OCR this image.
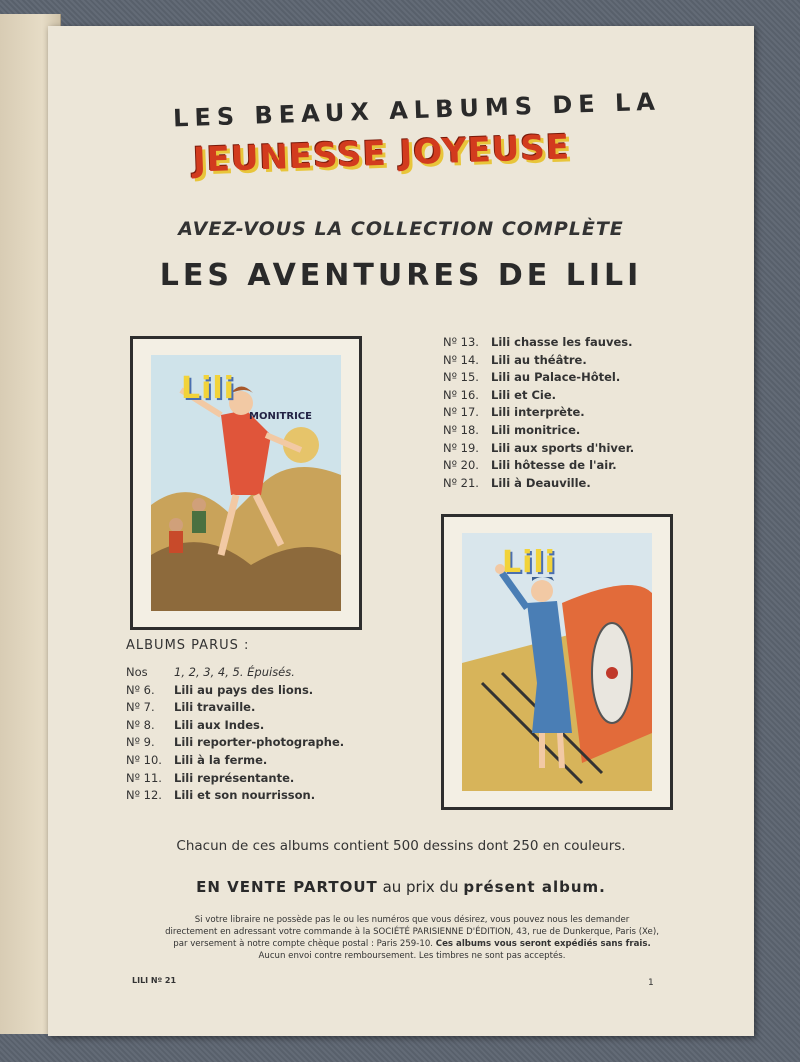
LES BEAUX ALBUMS DE LA
JEUNESSE JOYEUSE
AVEZ-VOUS LA COLLECTION COMPLÈTE
LES AVENTURES DE LILI
Lili
MONITRICE
Lili
Nº 13. Lili chasse les fauves.
Nº 14. Lili au théâtre.
Nº 15. Lili au Palace-Hôtel.
Nº 16. Lili et Cie.
Nº 17. Lili interprète.
Nº 18. Lili monitrice.
Nº 19. Lili aux sports d'hiver.
Nº 20. Lili hôtesse de l'air.
Nº 21. Lili à Deauville.
ALBUMS PARUS :
Nos 1, 2, 3, 4, 5. Épuisés.
Nº 6. Lili au pays des lions.
Nº 7. Lili travaille.
Nº 8. Lili aux Indes.
Nº 9. Lili reporter-photographe.
Nº 10. Lili à la ferme.
Nº 11. Lili représentante.
Nº 12. Lili et son nourrisson.
Chacun de ces albums contient 500 dessins dont 250 en couleurs.
EN VENTE PARTOUT au prix du présent album.
Si votre libraire ne possède pas le ou les numéros que vous désirez, vous pouvez nous les demander
directement en adressant votre commande à la SOCIÉTÉ PARISIENNE D'ÉDITION, 43, rue de Dunkerque, Paris (Xe),
par versement à notre compte chèque postal : Paris 259-10. Ces albums vous seront expédiés sans frais.
Aucun envoi contre remboursement. Les timbres ne sont pas acceptés.
LILI Nº 21	1
